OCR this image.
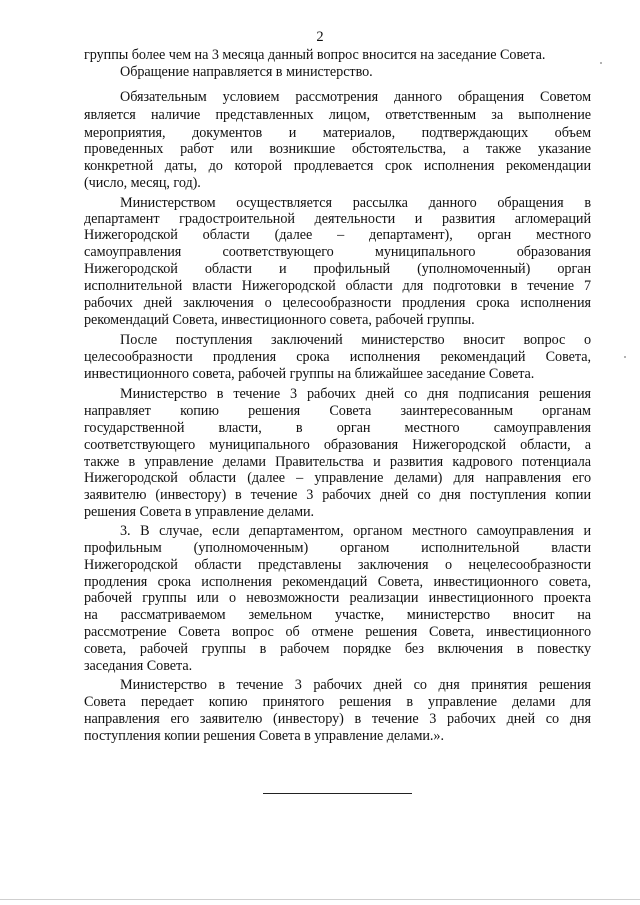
2
группы более чем на 3 месяца данный вопрос вносится на заседание Совета.
Обращение направляется в министерство.
Обязательным условием рассмотрения данного обращения Советом
является наличие представленных лицом, ответственным за выполнение
мероприятия, документов и материалов, подтверждающих объем
проведенных работ или возникшие обстоятельства, а также указание
конкретной даты, до которой продлевается срок исполнения рекомендации
(число, месяц, год).
Министерством осуществляется рассылка данного обращения в
департамент градостроительной деятельности и развития агломераций
Нижегородской области (далее – департамент), орган местного
самоуправления соответствующего муниципального образования
Нижегородской области и профильный (уполномоченный) орган
исполнительной власти Нижегородской области для подготовки в течение 7
рабочих дней заключения о целесообразности продления срока исполнения
рекомендаций Совета, инвестиционного совета, рабочей группы.
После поступления заключений министерство вносит вопрос о
целесообразности продления срока исполнения рекомендаций Совета,
инвестиционного совета, рабочей группы на ближайшее заседание Совета.
Министерство в течение 3 рабочих дней со дня подписания решения
направляет копию решения Совета заинтересованным органам
государственной власти, в орган местного самоуправления
соответствующего муниципального образования Нижегородской области, а
также в управление делами Правительства и развития кадрового потенциала
Нижегородской области (далее – управление делами) для направления его
заявителю (инвестору) в течение 3 рабочих дней со дня поступления копии
решения Совета в управление делами.
3. В случае, если департаментом, органом местного самоуправления и
профильным (уполномоченным) органом исполнительной власти
Нижегородской области представлены заключения о нецелесообразности
продления срока исполнения рекомендаций Совета, инвестиционного совета,
рабочей группы или о невозможности реализации инвестиционного проекта
на рассматриваемом земельном участке, министерство вносит на
рассмотрение Совета вопрос об отмене решения Совета, инвестиционного
совета, рабочей группы в рабочем порядке без включения в повестку
заседания Совета.
Министерство в течение 3 рабочих дней со дня принятия решения
Совета передает копию принятого решения в управление делами для
направления его заявителю (инвестору) в течение 3 рабочих дней со дня
поступления копии решения Совета в управление делами.».
